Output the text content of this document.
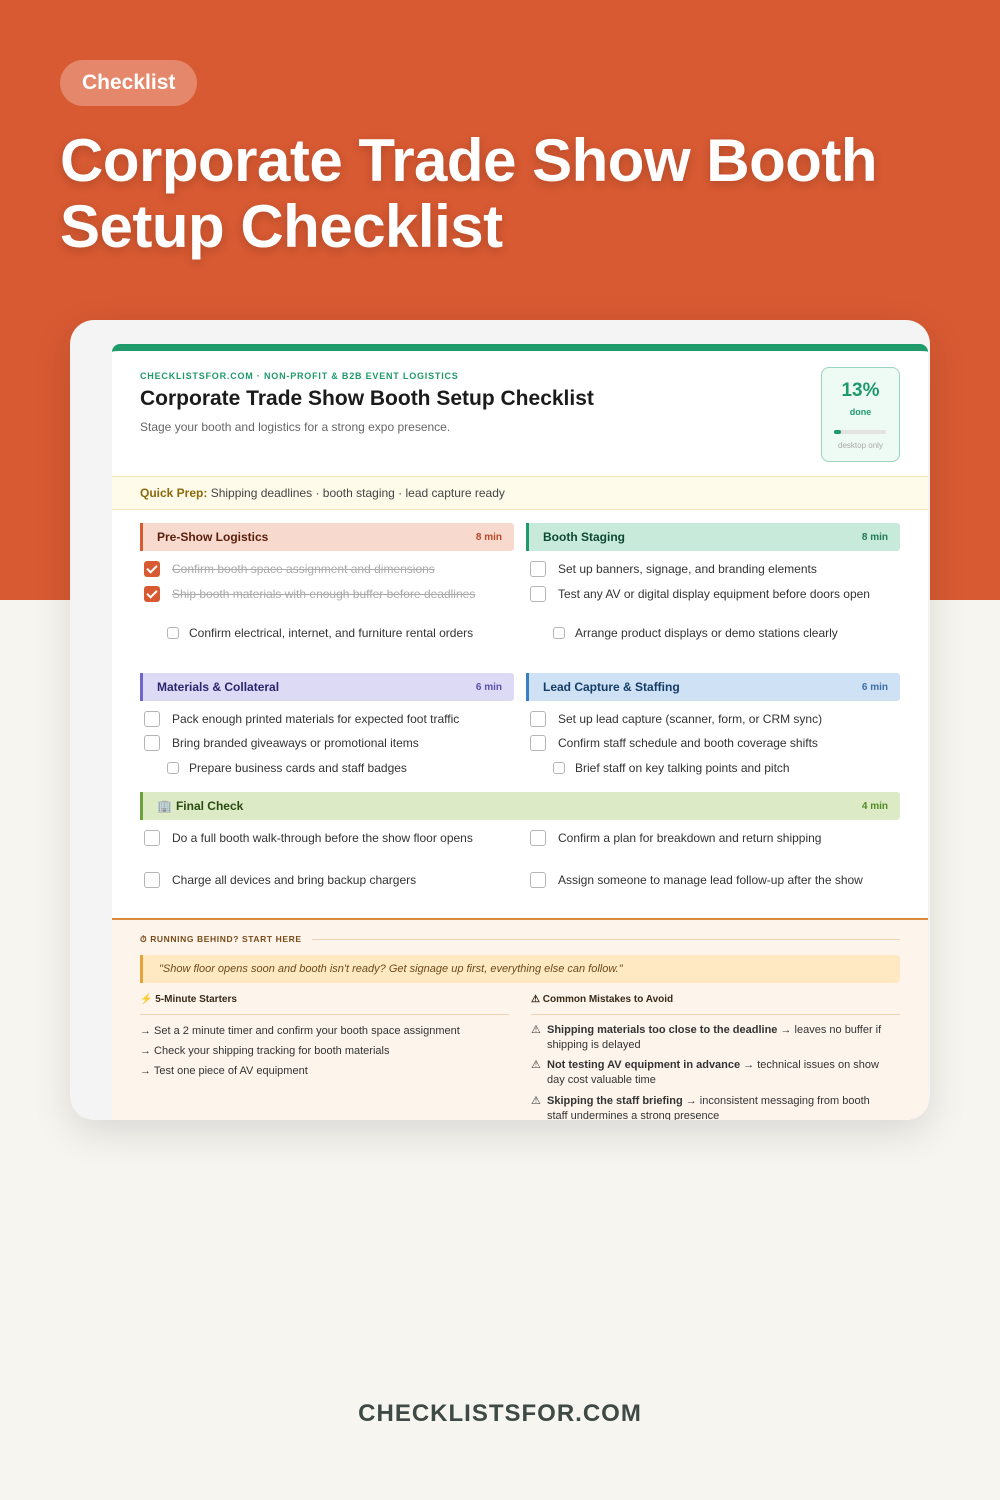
Checklist
Corporate Trade Show Booth Setup Checklist
CHECKLISTSFOR.COM · NON-PROFIT & B2B EVENT LOGISTICS
Corporate Trade Show Booth Setup Checklist
Stage your booth and logistics for a strong expo presence.
13%
done
desktop only
Quick Prep: Shipping deadlines · booth staging · lead capture ready
Pre-Show Logistics	8 min
Confirm booth space assignment and dimensions
Ship booth materials with enough buffer before deadlines
Confirm electrical, internet, and furniture rental orders
Booth Staging	8 min
Set up banners, signage, and branding elements
Test any AV or digital display equipment before doors open
Arrange product displays or demo stations clearly
Materials & Collateral	6 min
Pack enough printed materials for expected foot traffic
Bring branded giveaways or promotional items
Prepare business cards and staff badges
Lead Capture & Staffing	6 min
Set up lead capture (scanner, form, or CRM sync)
Confirm staff schedule and booth coverage shifts
Brief staff on key talking points and pitch
🏢 Final Check	4 min
Do a full booth walk-through before the show floor opens	Confirm a plan for breakdown and return shipping
Charge all devices and bring backup chargers	Assign someone to manage lead follow-up after the show
⏱ RUNNING BEHIND? START HERE
"Show floor opens soon and booth isn't ready? Get signage up first, everything else can follow."
⚡ 5-Minute Starters
→ Set a 2 minute timer and confirm your booth space assignment
→ Check your shipping tracking for booth materials
→ Test one piece of AV equipment
⚠ Common Mistakes to Avoid
⚠ Shipping materials too close to the deadline → leaves no buffer if shipping is delayed
⚠ Not testing AV equipment in advance → technical issues on show day cost valuable time
⚠ Skipping the staff briefing → inconsistent messaging from booth staff undermines a strong presence
CHECKLISTSFOR.COM
